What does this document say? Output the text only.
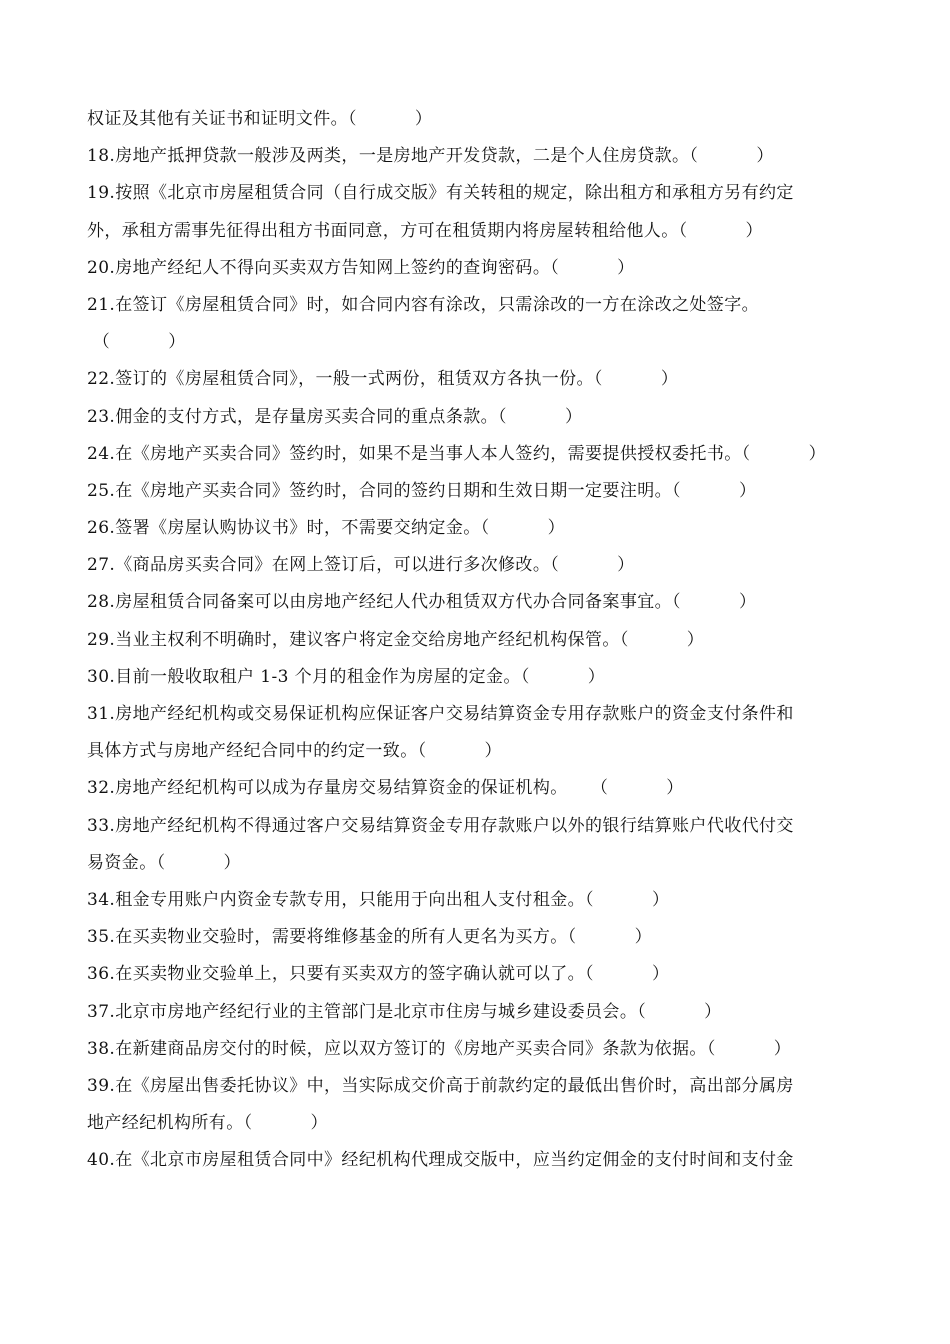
权证及其他有关证书和证明文件。（          ）
18.房地产抵押贷款一般涉及两类，一是房地产开发贷款，二是个人住房贷款。（          ）
19.按照《北京市房屋租赁合同（自行成交版》有关转租的规定，除出租方和承租方另有约定
外，承租方需事先征得出租方书面同意，方可在租赁期内将房屋转租给他人。（          ）
20.房地产经纪人不得向买卖双方告知网上签约的查询密码。（          ）
21.在签订《房屋租赁合同》时，如合同内容有涂改，只需涂改的一方在涂改之处签字。
（          ）
22.签订的《房屋租赁合同》，一般一式两份，租赁双方各执一份。（          ）
23.佣金的支付方式，是存量房买卖合同的重点条款。（          ）
24.在《房地产买卖合同》签约时，如果不是当事人本人签约，需要提供授权委托书。（          ）
25.在《房地产买卖合同》签约时，合同的签约日期和生效日期一定要注明。（          ）
26.签署《房屋认购协议书》时，不需要交纳定金。（          ）
27.《商品房买卖合同》在网上签订后，可以进行多次修改。（          ）
28.房屋租赁合同备案可以由房地产经纪人代办租赁双方代办合同备案事宜。（          ）
29.当业主权利不明确时，建议客户将定金交给房地产经纪机构保管。（          ）
30.目前一般收取租户 1-3 个月的租金作为房屋的定金。（          ）
31.房地产经纪机构或交易保证机构应保证客户交易结算资金专用存款账户的资金支付条件和
具体方式与房地产经纪合同中的约定一致。（          ）
32.房地产经纪机构可以成为存量房交易结算资金的保证机构。    （          ）
33.房地产经纪机构不得通过客户交易结算资金专用存款账户以外的银行结算账户代收代付交
易资金。（          ）
34.租金专用账户内资金专款专用，只能用于向出租人支付租金。（          ）
35.在买卖物业交验时，需要将维修基金的所有人更名为买方。（          ）
36.在买卖物业交验单上，只要有买卖双方的签字确认就可以了。（          ）
37.北京市房地产经纪行业的主管部门是北京市住房与城乡建设委员会。（          ）
38.在新建商品房交付的时候，应以双方签订的《房地产买卖合同》条款为依据。（          ）
39.在《房屋出售委托协议》中，当实际成交价高于前款约定的最低出售价时，高出部分属房
地产经纪机构所有。（          ）
40.在《北京市房屋租赁合同中》经纪机构代理成交版中，应当约定佣金的支付时间和支付金
